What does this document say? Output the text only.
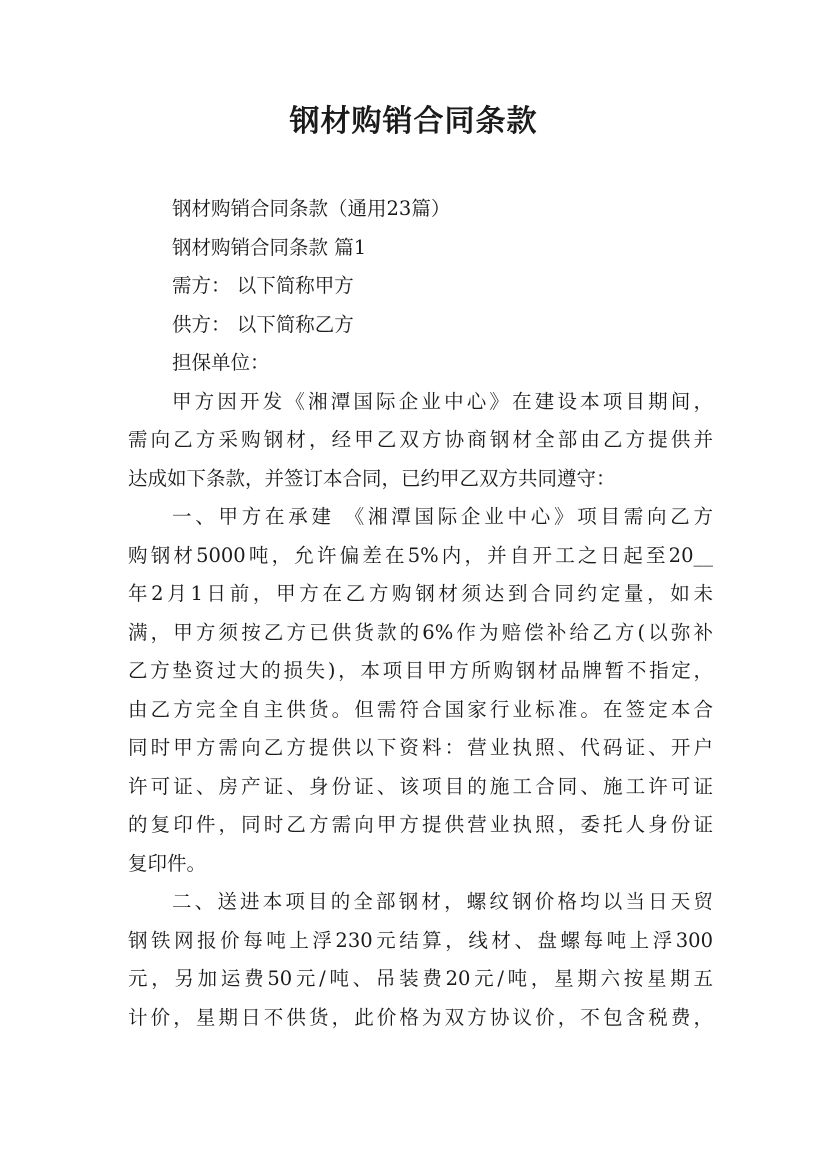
钢材购销合同条款
钢材购销合同条款（通用23篇）
钢材购销合同条款 篇1
需方： 以下简称甲方
供方： 以下简称乙方
担保单位：
甲方因开发《湘潭国际企业中心》在建设本项目期间，
需向乙方采购钢材，经甲乙双方协商钢材全部由乙方提供并
达成如下条款，并签订本合同，已约甲乙双方共同遵守：
一、甲方在承建 《湘潭国际企业中心》项目需向乙方
购钢材5000吨，允许偏差在5%内，并自开工之日起至20__
年2月1日前，甲方在乙方购钢材须达到合同约定量，如未
满，甲方须按乙方已供货款的6%作为赔偿补给乙方(以弥补
乙方垫资过大的损失)，本项目甲方所购钢材品牌暂不指定，
由乙方完全自主供货。但需符合国家行业标准。在签定本合
同时甲方需向乙方提供以下资料：营业执照、代码证、开户
许可证、房产证、身份证、该项目的施工合同、施工许可证
的复印件，同时乙方需向甲方提供营业执照，委托人身份证
复印件。
二、送进本项目的全部钢材，螺纹钢价格均以当日天贸
钢铁网报价每吨上浮230元结算，线材、盘螺每吨上浮300
元，另加运费50元/吨、吊装费20元/吨，星期六按星期五
计价，星期日不供货，此价格为双方协议价，不包含税费，
